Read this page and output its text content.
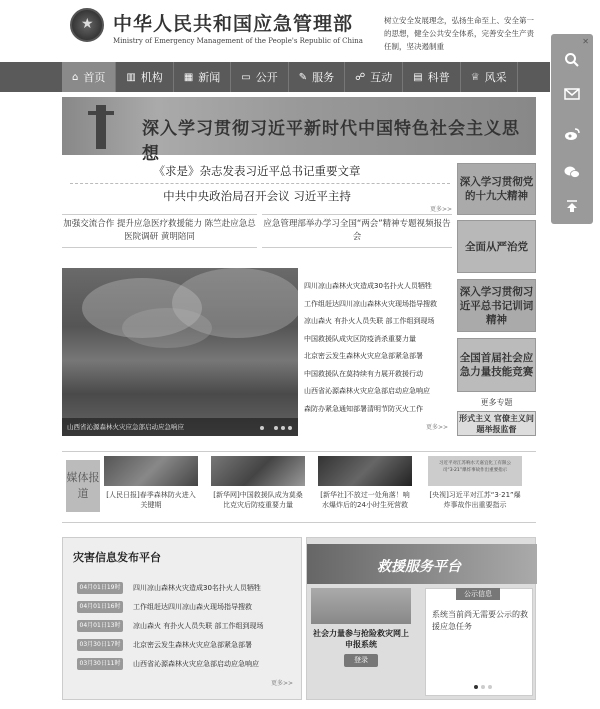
★ 中华人民共和国应急管理部
Ministry of Emergency Management of the People's Republic of China
树立安全发展理念，弘扬生命至上、安全第一的思想，健全公共安全体系，完善安全生产责任制，坚决遏制重
⌂ 首页 ▥ 机构 ▦ 新闻 ▭ 公开 ✎ 服务 ☍ 互动 ▤ 科普 ♕ 风采
✕
深入学习贯彻习近平新时代中国特色社会主义思想
《求是》杂志发表习近平总书记重要文章
中共中央政治局召开会议 习近平主持
更多>>
加强交流合作 提升应急医疗救援能力 陈竺赴应急总医院调研 黄明陪同
应急管理部举办学习全国“两会”精神专题视频报告会
深入学习贯彻党的十九大精神
全面从严治党
深入学习贯彻习近平总书记训词精神
全国首届社会应急力量技能竞赛
更多专题
形式主义 官僚主义问题举报监督
山西省沁源森林火灾应急部启动应急响应
四川凉山森林火灾造成30名扑火人员牺牲
工作组赶达四川凉山森林火灾现场指导搜救
凉山森火 有扑火人员失联 部工作组到现场
中国救援队成灾区防疫消杀重要力量
北京密云发生森林火灾应急部紧急部署
中国救援队在莫持续有力展开救援行动
山西省沁源森林火灾应急部启动应急响应
森防办紧急通知部署清明节防灭火工作
更多>>
媒体报道	[人民日报]春季森林防火进入关键期
[新华网]中国救援队成为莫桑比克灾后防疫重要力量
[新华社]不放过一处角落！响水爆炸后的24小时生死营救
习近平对江苏响水天嘉宜化工有限公司“3·21”爆炸事故作出重要指示
[央视]习近平对江苏“3·21”爆炸事故作出重要指示
灾害信息发布平台
04月01日19时	四川凉山森林火灾造成30名扑火人员牺牲
04月01日16时	工作组赶达四川凉山森火现场指导搜救
04月01日13时	凉山森火 有扑火人员失联 部工作组到现场
03月30日17时	北京密云发生森林火灾应急部紧急部署
03月30日11时	山西省沁源森林火灾应急部启动应急响应
更多>>
救援服务平台
社会力量参与抢险救灾网上申报系统
登录
公示信息
系统当前尚无需要公示的救援应急任务
